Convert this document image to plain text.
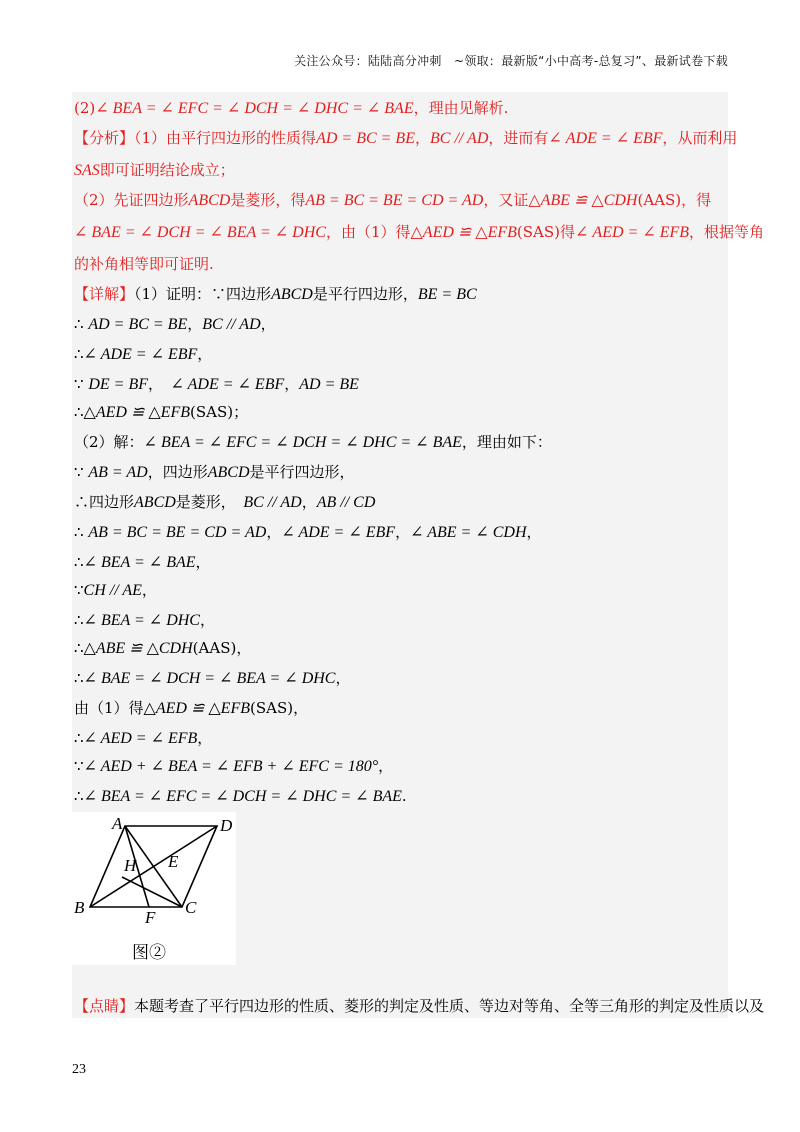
关注公众号：陆陆高分冲刺　~领取：最新版“小中高考-总复习”、最新试卷下载
(2)∠ BEA = ∠ EFC = ∠ DCH = ∠ DHC = ∠ BAE，理由见解析.
【分析】（1）由平行四边形的性质得AD = BC = BE，BC // AD，进而有∠ ADE = ∠ EBF，从而利用
SAS即可证明结论成立；
（2）先证四边形ABCD是菱形，得AB = BC = BE = CD = AD，又证△ABE ≌ △CDH(AAS)，得
∠ BAE = ∠ DCH = ∠ BEA = ∠ DHC，由（1）得△AED ≌ △EFB(SAS)得∠ AED = ∠ EFB，根据等角
的补角相等即可证明.
【详解】（1）证明：∵四边形ABCD是平行四边形，BE = BC
∴ AD = BC = BE，BC // AD，
∴∠ ADE = ∠ EBF，
∵ DE = BF，　∠ ADE = ∠ EBF，AD = BE
∴△AED ≌ △EFB(SAS)；
（2）解：∠ BEA = ∠ EFC = ∠ DCH = ∠ DHC = ∠ BAE，理由如下：
∵ AB = AD，四边形ABCD是平行四边形，
∴四边形ABCD是菱形，　BC // AD，AB // CD
∴ AB = BC = BE = CD = AD，∠ ADE = ∠ EBF，∠ ABE = ∠ CDH，
∴∠ BEA = ∠ BAE，
∵CH // AE，
∴∠ BEA = ∠ DHC，
∴△ABE ≌ △CDH(AAS)，
∴∠ BAE = ∠ DCH = ∠ BEA = ∠ DHC，
由（1）得△AED ≌ △EFB(SAS)，
∴∠ AED = ∠ EFB，
∵∠ AED + ∠ BEA = ∠ EFB + ∠ EFC = 180°，
∴∠ BEA = ∠ EFC = ∠ DCH = ∠ DHC = ∠ BAE.
【点睛】本题考查了平行四边形的性质、菱形的判定及性质、等边对等角、全等三角形的判定及性质以及
A	D
B	C
E
F
H
图②
23
